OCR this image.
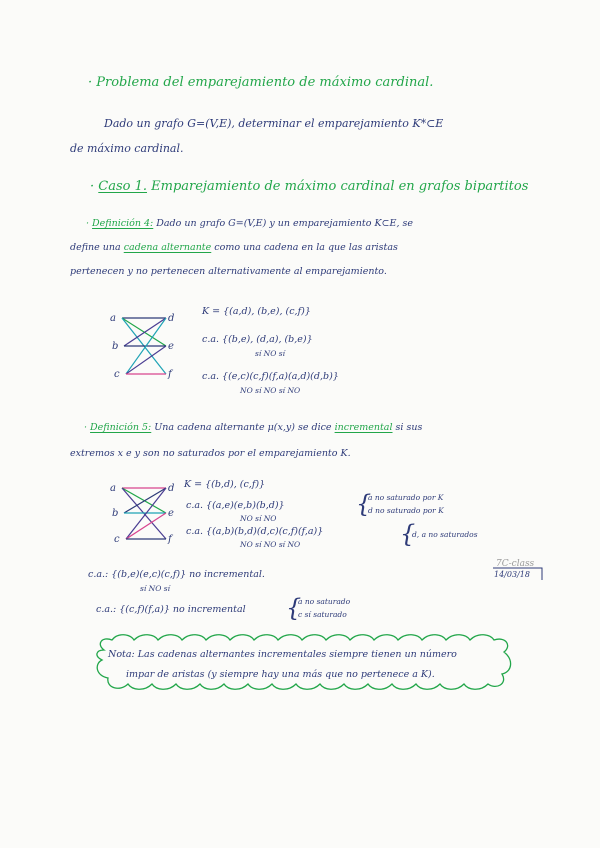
· Problema del emparejamiento de máximo cardinal.
Dado un grafo G=(V,E), determinar el emparejamiento K*⊂E
de máximo cardinal.
· Caso 1. Emparejamiento de máximo cardinal en grafos bipartitos
· Definición 4: Dado un grafo G=(V,E) y un emparejamiento K⊂E, se
define una cadena alternante como una cadena en la que las aristas
pertenecen y no pertenecen alternativamente al emparejamiento.
a
b
c
d
e
f
K = {(a,d), (b,e), (c,f)}
c.a. {(b,e), (d,a), (b,e)}
sí NO sí
c.a. {(e,c)(c,f)(f,a)(a,d)(d,b)}
NO sí NO sí NO
· Definición 5: Una cadena alternante μ(x,y) se dice incremental si sus
extremos x e y son no saturados por el emparejamiento K.
a
b
c
d
e
f
K = {(b,d), (c,f)}
c.a. {(a,e)(e,b)(b,d)}
NO sí NO
{
a no saturado por K
d no saturado por K
c.a. {(a,b)(b,d)(d,c)(c,f)(f,a)}
NO sí NO sí NO	{
d, a no saturados
7C-class
14/03/18
c.a.: {(b,e)(e,c)(c,f)} no incremental.
sí NO sí
c.a.: {(c,f)(f,a)} no incremental {
a no saturado
c sí saturado
Nota: Las cadenas alternantes incrementales siempre tienen un número
impar de aristas (y siempre hay una más que no pertenece a K).
